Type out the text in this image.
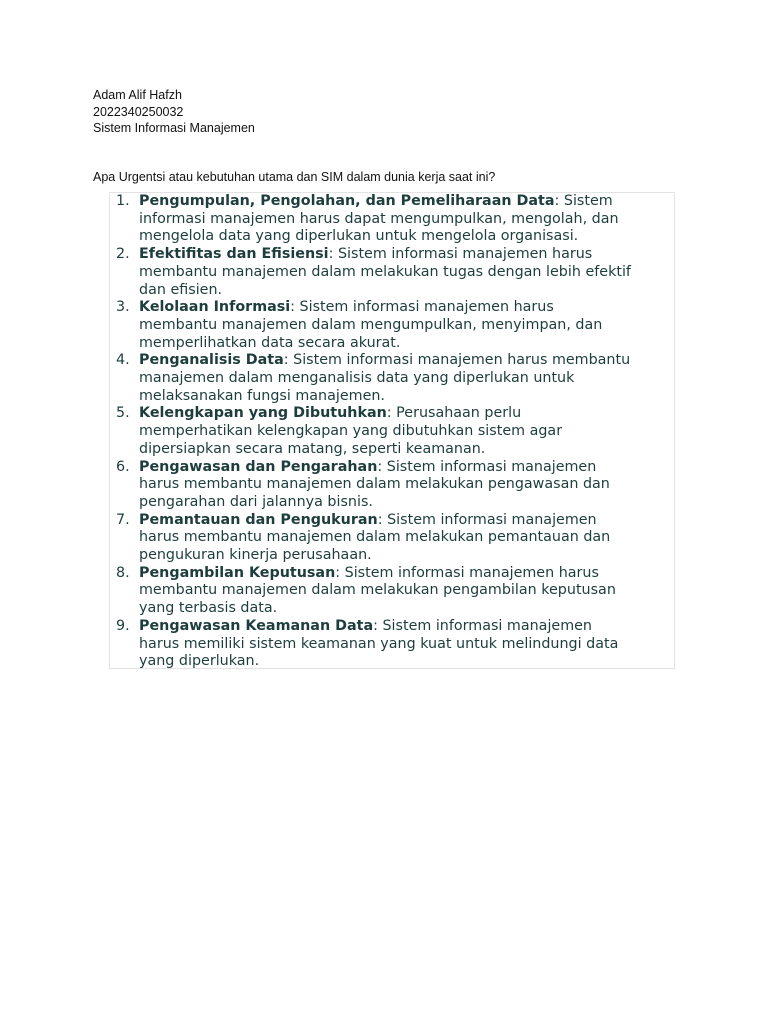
Adam Alif Hafzh
2022340250032
Sistem Informasi Manajemen
Apa Urgentsi atau kebutuhan utama dan SIM dalam dunia kerja saat ini?
1. Pengumpulan, Pengolahan, dan Pemeliharaan Data: Sistem
informasi manajemen harus dapat mengumpulkan, mengolah, dan
mengelola data yang diperlukan untuk mengelola organisasi.
2. Efektifitas dan Efisiensi: Sistem informasi manajemen harus
membantu manajemen dalam melakukan tugas dengan lebih efektif
dan efisien.
3. Kelolaan Informasi: Sistem informasi manajemen harus
membantu manajemen dalam mengumpulkan, menyimpan, dan
memperlihatkan data secara akurat.
4. Penganalisis Data: Sistem informasi manajemen harus membantu
manajemen dalam menganalisis data yang diperlukan untuk
melaksanakan fungsi manajemen.
5. Kelengkapan yang Dibutuhkan: Perusahaan perlu
memperhatikan kelengkapan yang dibutuhkan sistem agar
dipersiapkan secara matang, seperti keamanan.
6. Pengawasan dan Pengarahan: Sistem informasi manajemen
harus membantu manajemen dalam melakukan pengawasan dan
pengarahan dari jalannya bisnis.
7. Pemantauan dan Pengukuran: Sistem informasi manajemen
harus membantu manajemen dalam melakukan pemantauan dan
pengukuran kinerja perusahaan.
8. Pengambilan Keputusan: Sistem informasi manajemen harus
membantu manajemen dalam melakukan pengambilan keputusan
yang terbasis data.
9. Pengawasan Keamanan Data: Sistem informasi manajemen
harus memiliki sistem keamanan yang kuat untuk melindungi data
yang diperlukan.
